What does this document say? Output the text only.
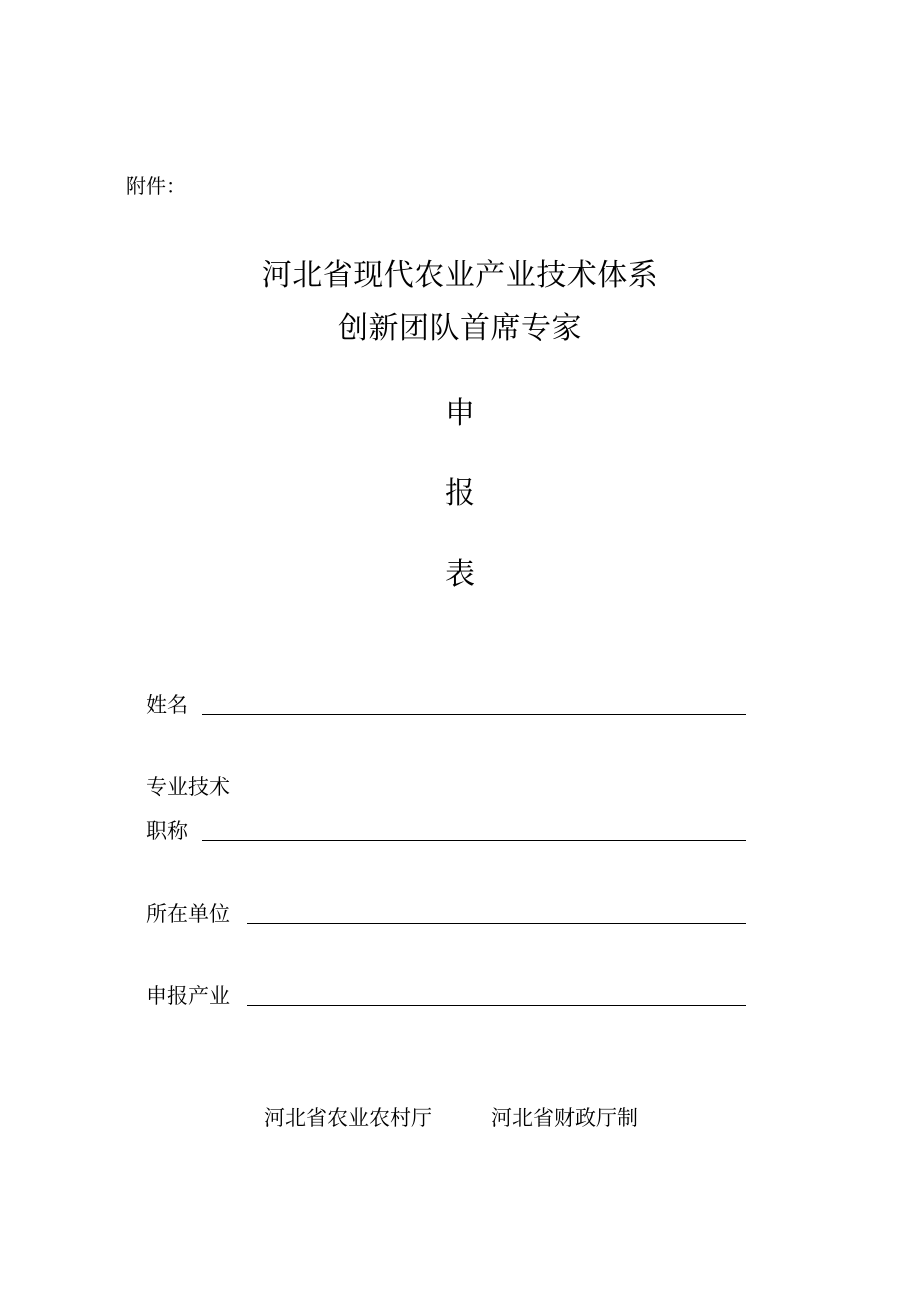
附件：
河北省现代农业产业技术体系
创新团队首席专家
申
报
表
姓名
专业技术
职称
所在单位
申报产业
河北省农业农村厅	河北省财政厅制
